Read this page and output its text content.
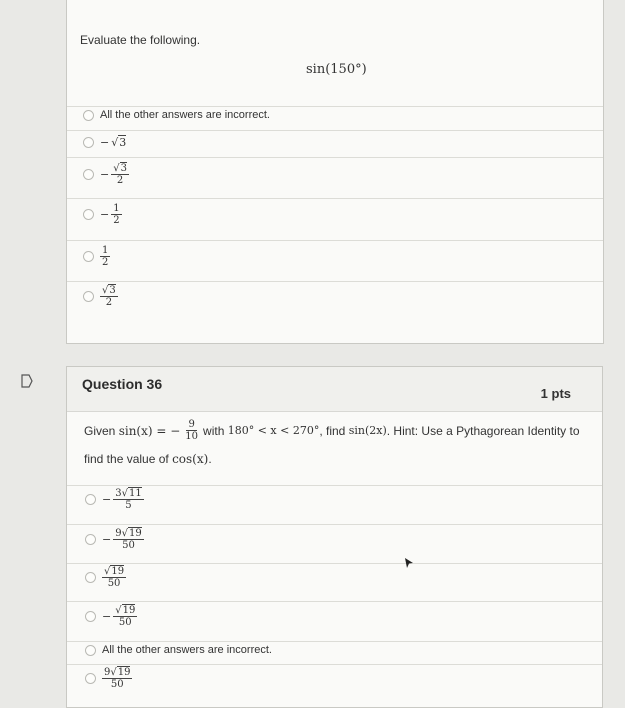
Evaluate the following.
sin(150°)
All the other answers are incorrect.
− √3
− $\frac{√3}{2}$
− $\frac{1}{2}$
$\frac{1}{2}$
$\frac{√3}{2}$
Question 36
1 pts
Given
sin(x) = − $\frac{9}{10}$ with
180° < x < 270° , find
sin(2x) . Hint: Use a Pythagorean Identity to
find the value of cos(x).
− $\frac{3√11}{5}$
− $\frac{9√19}{50}$
$\frac{√19}{50}$
− $\frac{√19}{50}$
All the other answers are incorrect.
$\frac{9√19}{50}$
